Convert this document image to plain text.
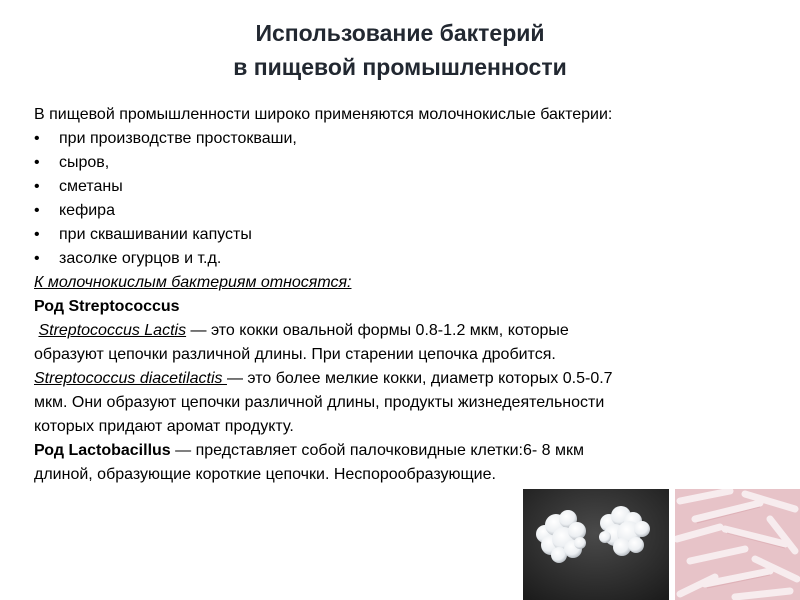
Использование бактерий
в пищевой промышленности
В пищевой промышленности широко применяются молочнокислые бактерии:
•	при производстве простокваши,
•	сыров,
•	сметаны
•	кефира
•	при сквашивании капусты
•	засолке огурцов и т.д.
К молочнокислым бактериям относятся:
Род Streptococcus
Streptococcus Lactis — это кокки овальной формы 0.8-1.2 мкм, которые
образуют цепочки различной длины. При старении цепочка дробится.
Streptococcus diacetilactis — это более мелкие кокки, диаметр которых 0.5-0.7
мкм. Они образуют цепочки различной длины, продукты жизнедеятельности
которых придают аромат продукту.
Род Lactobacillus — представляет собой палочковидные клетки:6- 8 мкм
длиной, образующие короткие цепочки. Неспорообразующие.
